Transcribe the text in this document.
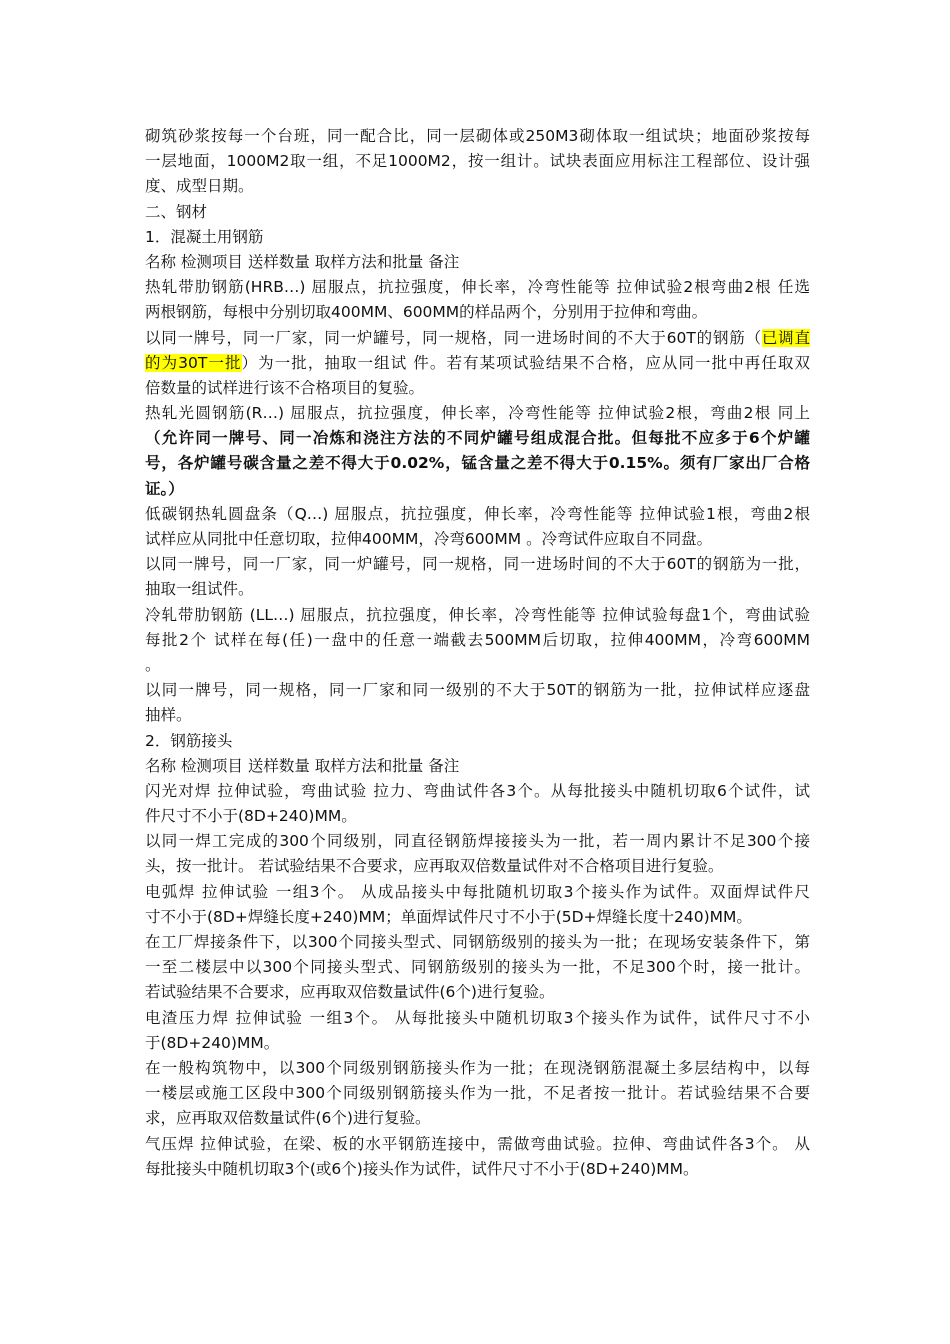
砌筑砂浆按每一个台班，同一配合比，同一层砌体或250M3砌体取一组试块；地面砂浆按每
一层地面，1000M2取一组，不足1000M2，按一组计。试块表面应用标注工程部位、设计强
度、成型日期。
二、钢材
1．混凝土用钢筋
名称 检测项目 送样数量 取样方法和批量 备注
热轧带肋钢筋(HRB…) 屈服点，抗拉强度，伸长率，冷弯性能等 拉伸试验2根弯曲2根 任选
两根钢筋，每根中分别切取400MM、600MM的样品两个，分别用于拉伸和弯曲。
以同一牌号，同一厂家，同一炉罐号，同一规格，同一进场时间的不大于60T的钢筋（已调直
的为30T一批）为一批，抽取一组试 件。若有某项试验结果不合格，应从同一批中再任取双
倍数量的试样进行该不合格项目的复验。
热轧光圆钢筋(R…) 屈服点，抗拉强度，伸长率，冷弯性能等 拉伸试验2根，弯曲2根 同上
（允许同一牌号、同一冶炼和浇注方法的不同炉罐号组成混合批。但每批不应多于6个炉罐
号，各炉罐号碳含量之差不得大于0.02%，锰含量之差不得大于0.15%。须有厂家出厂合格
证。）
低碳钢热轧圆盘条（Q…) 屈服点，抗拉强度，伸长率，冷弯性能等 拉伸试验1根，弯曲2根
试样应从同批中任意切取，拉伸400MM，冷弯600MM 。冷弯试件应取自不同盘。
以同一牌号，同一厂家，同一炉罐号，同一规格，同一进场时间的不大于60T的钢筋为一批，
抽取一组试件。
冷轧带肋钢筋 (LL…) 屈服点，抗拉强度，伸长率，冷弯性能等 拉伸试验每盘1个，弯曲试验
每批2个 试样在每(任)一盘中的任意一端截去500MM后切取，拉伸400MM，冷弯600MM
。
以同一牌号，同一规格，同一厂家和同一级别的不大于50T的钢筋为一批，拉伸试样应逐盘
抽样。
2．钢筋接头
名称 检测项目 送样数量 取样方法和批量 备注
闪光对焊 拉伸试验，弯曲试验 拉力、弯曲试件各3个。从每批接头中随机切取6个试件，试
件尺寸不小于(8D+240)MM。
以同一焊工完成的300个同级别，同直径钢筋焊接接头为一批，若一周内累计不足300个接
头，按一批计。 若试验结果不合要求，应再取双倍数量试件对不合格项目进行复验。
电弧焊 拉伸试验 一组3个。 从成品接头中每批随机切取3个接头作为试件。双面焊试件尺
寸不小于(8D+焊缝长度+240)MM；单面焊试件尺寸不小于(5D+焊缝长度十240)MM。
在工厂焊接条件下，以300个同接头型式、同钢筋级别的接头为一批；在现场安装条件下，第
一至二楼层中以300个同接头型式、同钢筋级别的接头为一批，不足300个时，接一批计。
若试验结果不合要求，应再取双倍数量试件(6个)进行复验。
电渣压力焊 拉伸试验 一组3个。 从每批接头中随机切取3个接头作为试件，试件尺寸不小
于(8D+240)MM。
在一般构筑物中，以300个同级别钢筋接头作为一批；在现浇钢筋混凝土多层结构中，以每
一楼层或施工区段中300个同级别钢筋接头作为一批，不足者按一批计。若试验结果不合要
求，应再取双倍数量试件(6个)进行复验。
气压焊 拉伸试验，在梁、板的水平钢筋连接中，需做弯曲试验。拉伸、弯曲试件各3个。 从
每批接头中随机切取3个(或6个)接头作为试件，试件尺寸不小于(8D+240)MM。
